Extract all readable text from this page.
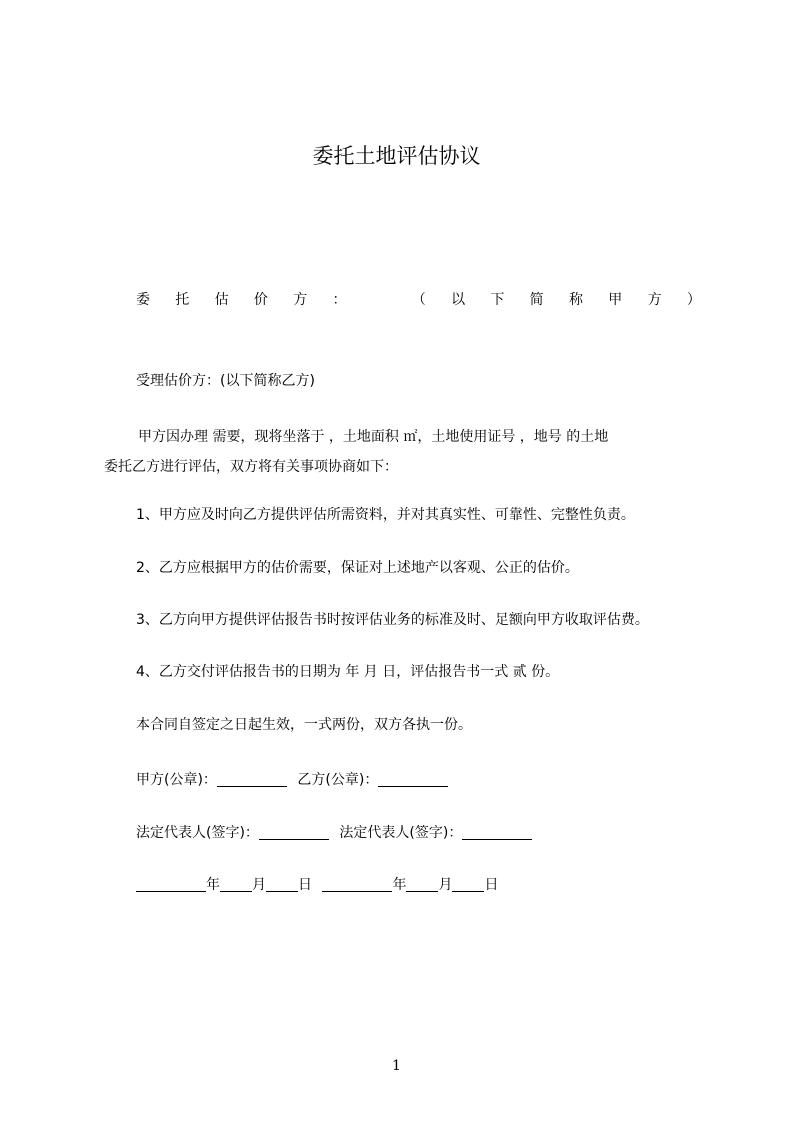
委托土地评估协议
委 托 估 价 方 ：	（ 以 下 简 称 甲 方 ）
受理估价方：(以下简称乙方)
甲方因办理 需要，现将坐落于 ，土地面积 ㎡，土地使用证号 ，地号 的土地
委托乙方进行评估，双方将有关事项协商如下：
1、甲方应及时向乙方提供评估所需资料，并对其真实性、可靠性、完整性负责。
2、乙方应根据甲方的估价需要，保证对上述地产以客观、公正的估价。
3、乙方向甲方提供评估报告书时按评估业务的标准及时、足额向甲方收取评估费。
4、乙方交付评估报告书的日期为 年 月 日，评估报告书一式 贰 份。
本合同自签定之日起生效，一式两份，双方各执一份。
甲方(公章)：	乙方(公章)：
法定代表人(签字)：	法定代表人(签字)：
年 月 日	年 月 日
1
